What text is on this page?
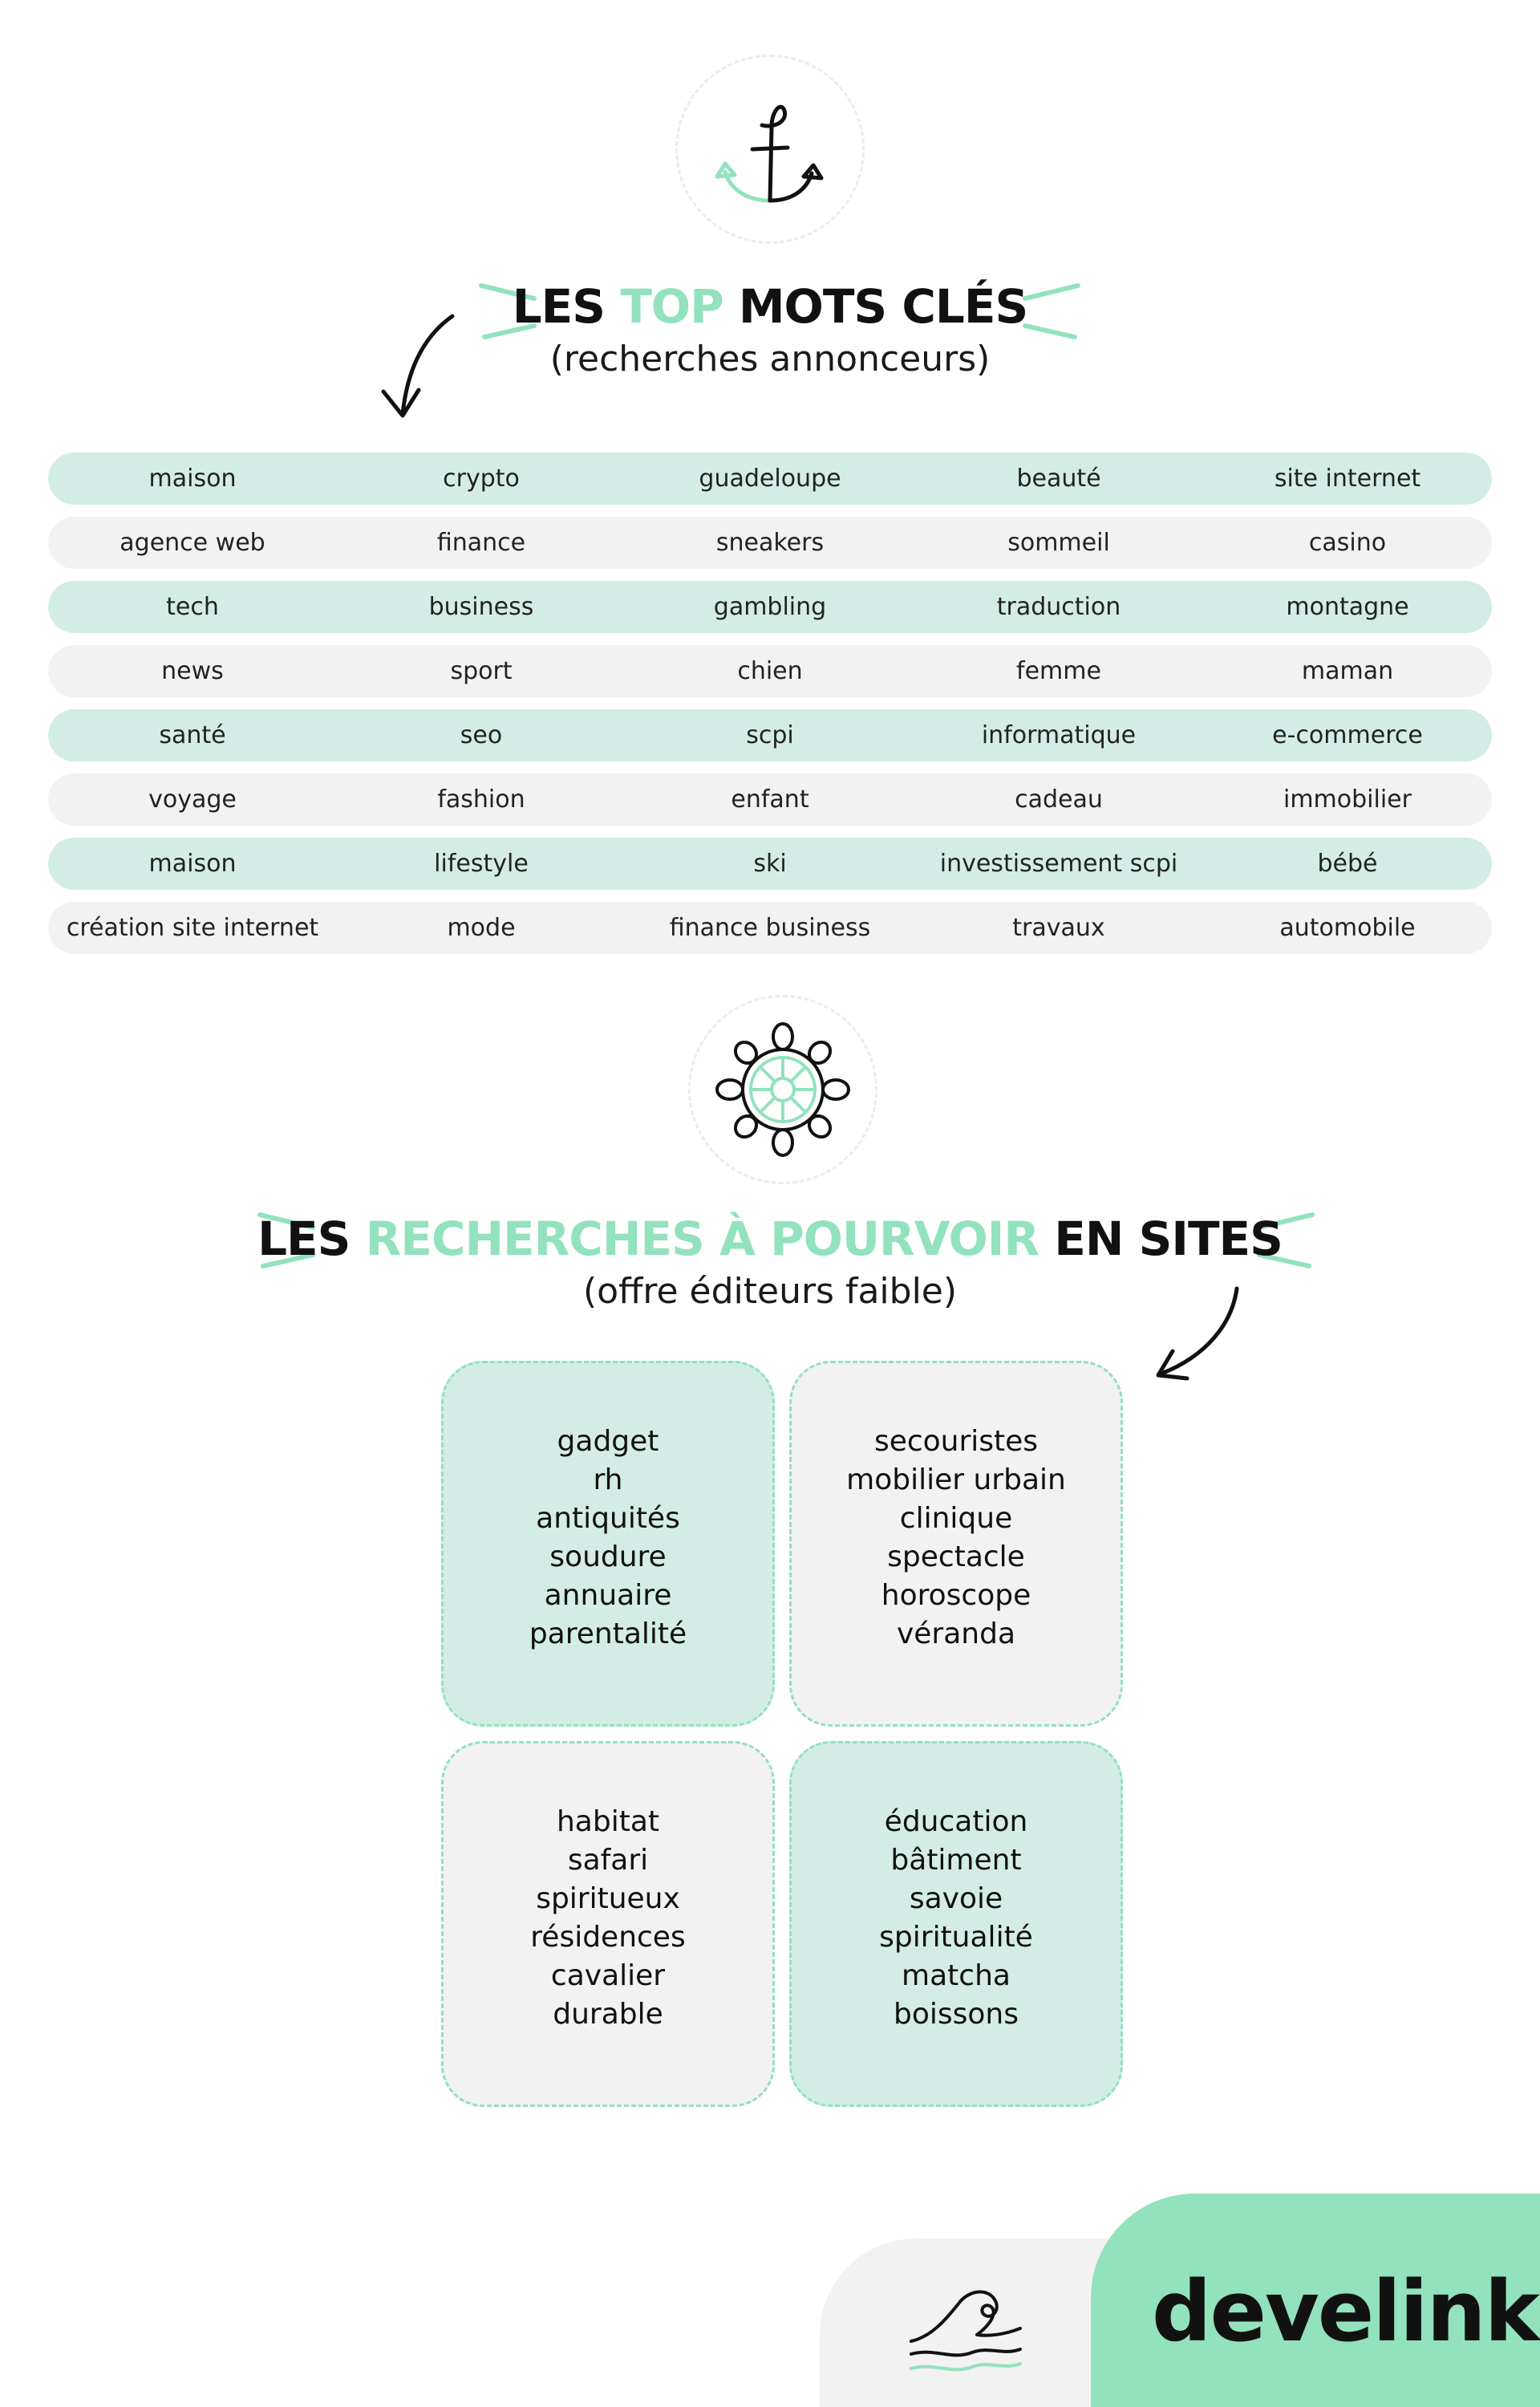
LES TOP MOTS CLÉS
(recherches annonceurs)
maison	crypto	guadeloupe	beauté	site internet
agence web	finance	sneakers	sommeil	casino
tech	business	gambling	traduction	montagne
news	sport	chien	femme	maman
santé	seo	scpi	informatique	e-commerce
voyage	fashion	enfant	cadeau	immobilier
maison	lifestyle	ski	investissement scpi	bébé
création site internet	mode	finance business	travaux	automobile
LES RECHERCHES À POURVOIR EN SITES
(offre éditeurs faible)
gadget
rh
antiquités
soudure
annuaire
parentalité
secouristes
mobilier urbain
clinique
spectacle
horoscope
véranda
habitat
safari
spiritueux
résidences
cavalier
durable
éducation
bâtiment
savoie
spiritualité
matcha
boissons
develink
